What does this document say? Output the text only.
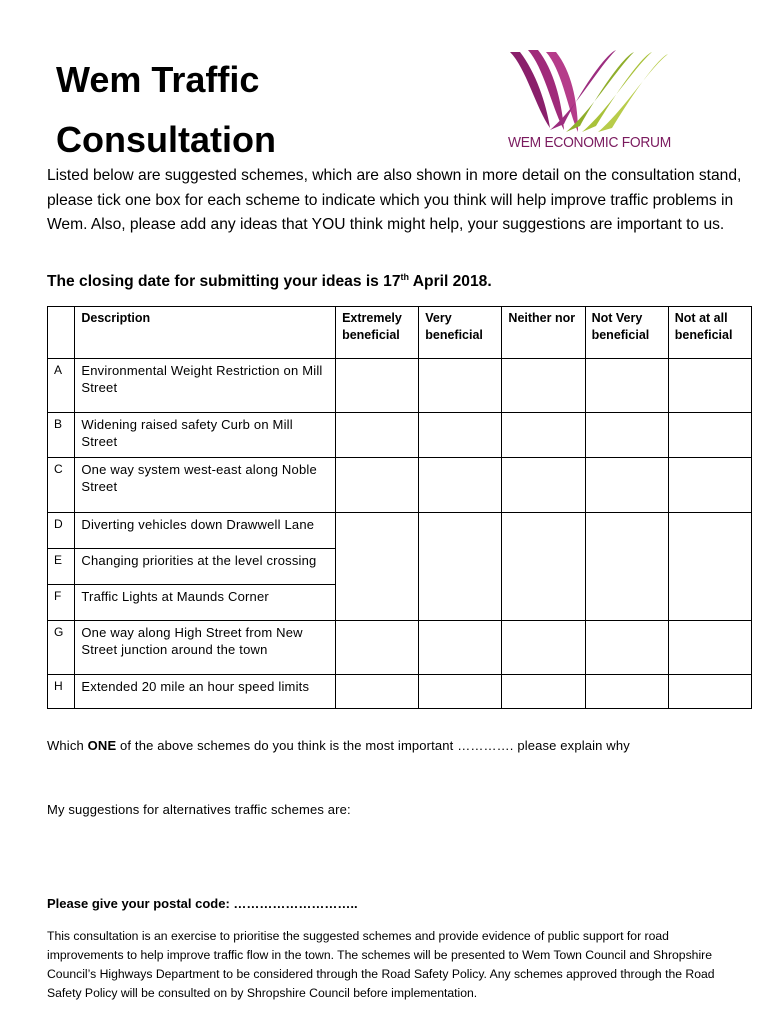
Wem Traffic
Consultation	WEM ECONOMIC FORUM

Listed below are suggested schemes, which are also shown in more detail on the consultation stand, please tick one box for each scheme to indicate which you think will help improve traffic problems in Wem. Also, please add any ideas that YOU think might help, your suggestions are important to us.

The closing date for submitting your ideas is 17th April 2018.

	Description	Extremely beneficial	Very beneficial	Neither nor	Not Very beneficial	Not at all beneficial
A	Environmental Weight Restriction on Mill Street					
B	Widening raised safety Curb on Mill Street					
C	One way system west-east along Noble Street					
D	Diverting vehicles down Drawwell Lane					
E	Changing priorities at the level crossing					
F	Traffic Lights at Maunds Corner					
G	One way along High Street from New Street junction around the town					
H	Extended 20 mile an hour speed limits					

Which ONE of the above schemes do you think is the most important …………. please explain why

My suggestions for alternatives traffic schemes are:

Please give your postal code: ………………………..

This consultation is an exercise to prioritise the suggested schemes and provide evidence of public support for road improvements to help improve traffic flow in the town. The schemes will be presented to Wem Town Council and Shropshire Council’s Highways Department to be considered through the Road Safety Policy. Any schemes approved through the Road Safety Policy will be consulted on by Shropshire Council before implementation.
